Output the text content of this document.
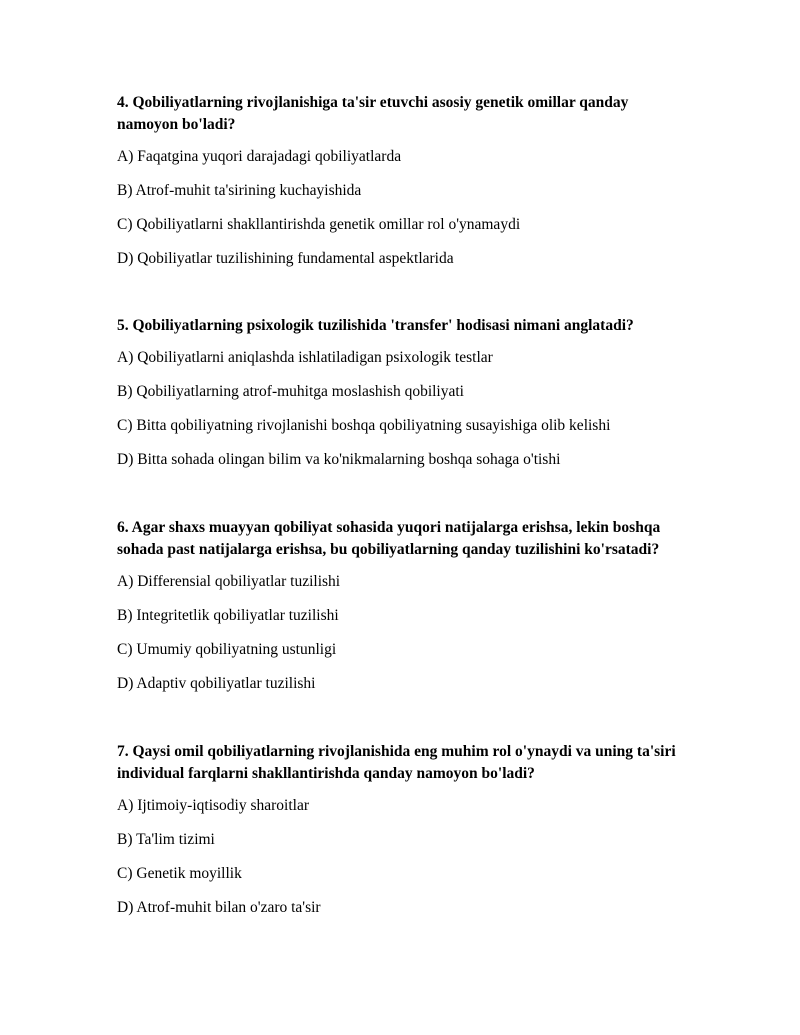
4. Qobiliyatlarning rivojlanishiga ta'sir etuvchi asosiy genetik omillar qanday namoyon bo'ladi?
A) Faqatgina yuqori darajadagi qobiliyatlarda
B) Atrof-muhit ta'sirining kuchayishida
C) Qobiliyatlarni shakllantirishda genetik omillar rol o'ynamaydi
D) Qobiliyatlar tuzilishining fundamental aspektlarida
5. Qobiliyatlarning psixologik tuzilishida 'transfer' hodisasi nimani anglatadi?
A) Qobiliyatlarni aniqlashda ishlatiladigan psixologik testlar
B) Qobiliyatlarning atrof-muhitga moslashish qobiliyati
C) Bitta qobiliyatning rivojlanishi boshqa qobiliyatning susayishiga olib kelishi
D) Bitta sohada olingan bilim va ko'nikmalarning boshqa sohaga o'tishi
6. Agar shaxs muayyan qobiliyat sohasida yuqori natijalarga erishsa, lekin boshqa sohada past natijalarga erishsa, bu qobiliyatlarning qanday tuzilishini ko'rsatadi?
A) Differensial qobiliyatlar tuzilishi
B) Integritetlik qobiliyatlar tuzilishi
C) Umumiy qobiliyatning ustunligi
D) Adaptiv qobiliyatlar tuzilishi
7. Qaysi omil qobiliyatlarning rivojlanishida eng muhim rol o'ynaydi va uning ta'siri individual farqlarni shakllantirishda qanday namoyon bo'ladi?
A) Ijtimoiy-iqtisodiy sharoitlar
B) Ta'lim tizimi
C) Genetik moyillik
D) Atrof-muhit bilan o'zaro ta'sir
